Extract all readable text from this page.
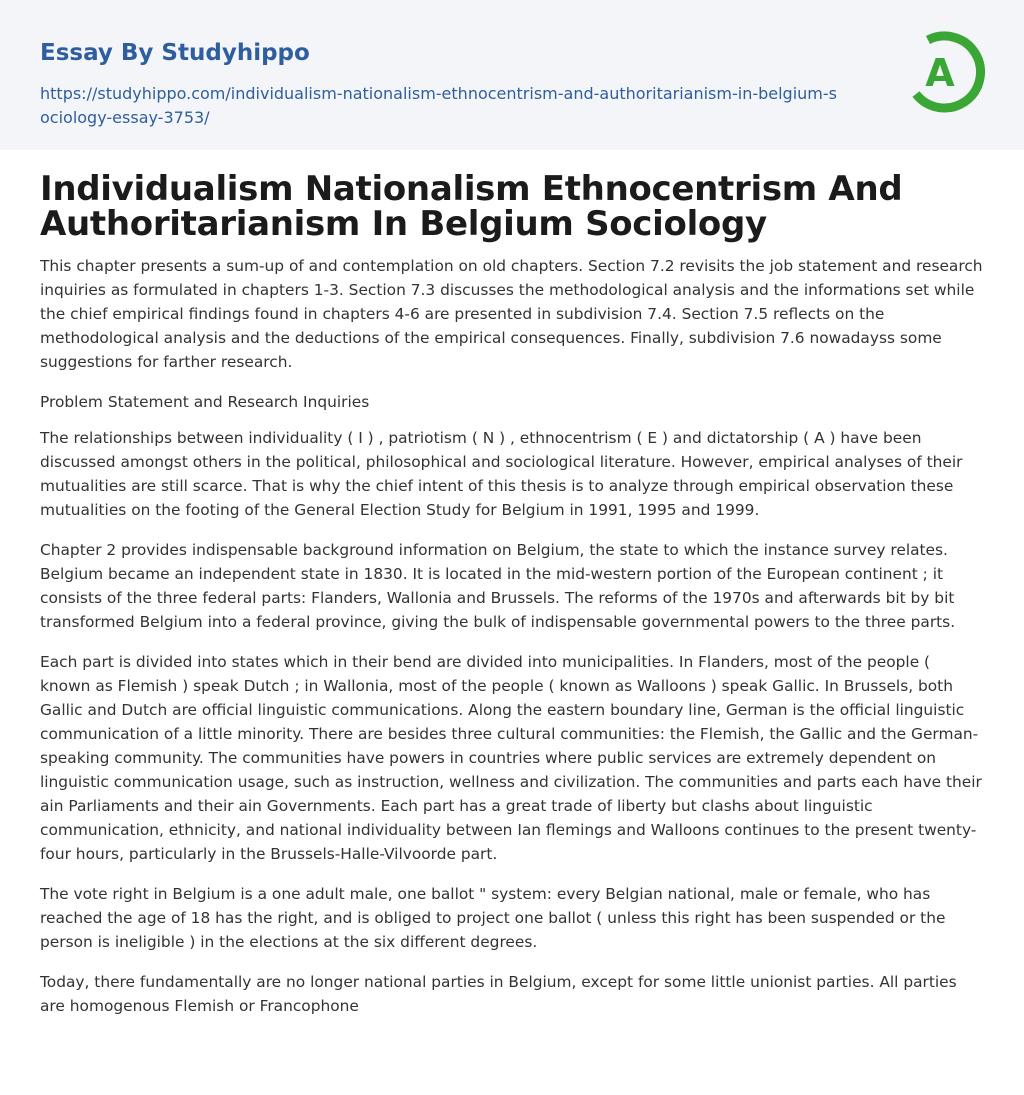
Essay By Studyhippo
https://studyhippo.com/individualism-nationalism-ethnocentrism-and-authoritarianism-in-belgium-sociology-essay-3753/
A
Individualism Nationalism Ethnocentrism And Authoritarianism In Belgium Sociology

This chapter presents a sum-up of and contemplation on old chapters. Section 7.2 revisits the job statement and research inquiries as formulated in chapters 1-3. Section 7.3 discusses the methodological analysis and the informations set while the chief empirical findings found in chapters 4-6 are presented in subdivision 7.4. Section 7.5 reflects on the methodological analysis and the deductions of the empirical consequences. Finally, subdivision 7.6 nowadayss some suggestions for farther research.

Problem Statement and Research Inquiries

The relationships between individuality ( I ) , patriotism ( N ) , ethnocentrism ( E ) and dictatorship ( A ) have been discussed amongst others in the political, philosophical and sociological literature. However, empirical analyses of their mutualities are still scarce. That is why the chief intent of this thesis is to analyze through empirical observation these mutualities on the footing of the General Election Study for Belgium in 1991, 1995 and 1999.

Chapter 2 provides indispensable background information on Belgium, the state to which the instance survey relates. Belgium became an independent state in 1830. It is located in the mid-western portion of the European continent ; it consists of the three federal parts: Flanders, Wallonia and Brussels. The reforms of the 1970s and afterwards bit by bit transformed Belgium into a federal province, giving the bulk of indispensable governmental powers to the three parts.

Each part is divided into states which in their bend are divided into municipalities. In Flanders, most of the people ( known as Flemish ) speak Dutch ; in Wallonia, most of the people ( known as Walloons ) speak Gallic. In Brussels, both Gallic and Dutch are official linguistic communications. Along the eastern boundary line, German is the official linguistic communication of a little minority. There are besides three cultural communities: the Flemish, the Gallic and the German-speaking community. The communities have powers in countries where public services are extremely dependent on linguistic communication usage, such as instruction, wellness and civilization. The communities and parts each have their ain Parliaments and their ain Governments. Each part has a great trade of liberty but clashs about linguistic communication, ethnicity, and national individuality between Ian flemings and Walloons continues to the present twenty-four hours, particularly in the Brussels-Halle-Vilvoorde part.

The vote right in Belgium is a one adult male, one ballot " system: every Belgian national, male or female, who has reached the age of 18 has the right, and is obliged to project one ballot ( unless this right has been suspended or the person is ineligible ) in the elections at the six different degrees.

Today, there fundamentally are no longer national parties in Belgium, except for some little unionist parties. All parties are homogenous Flemish or Francophone
